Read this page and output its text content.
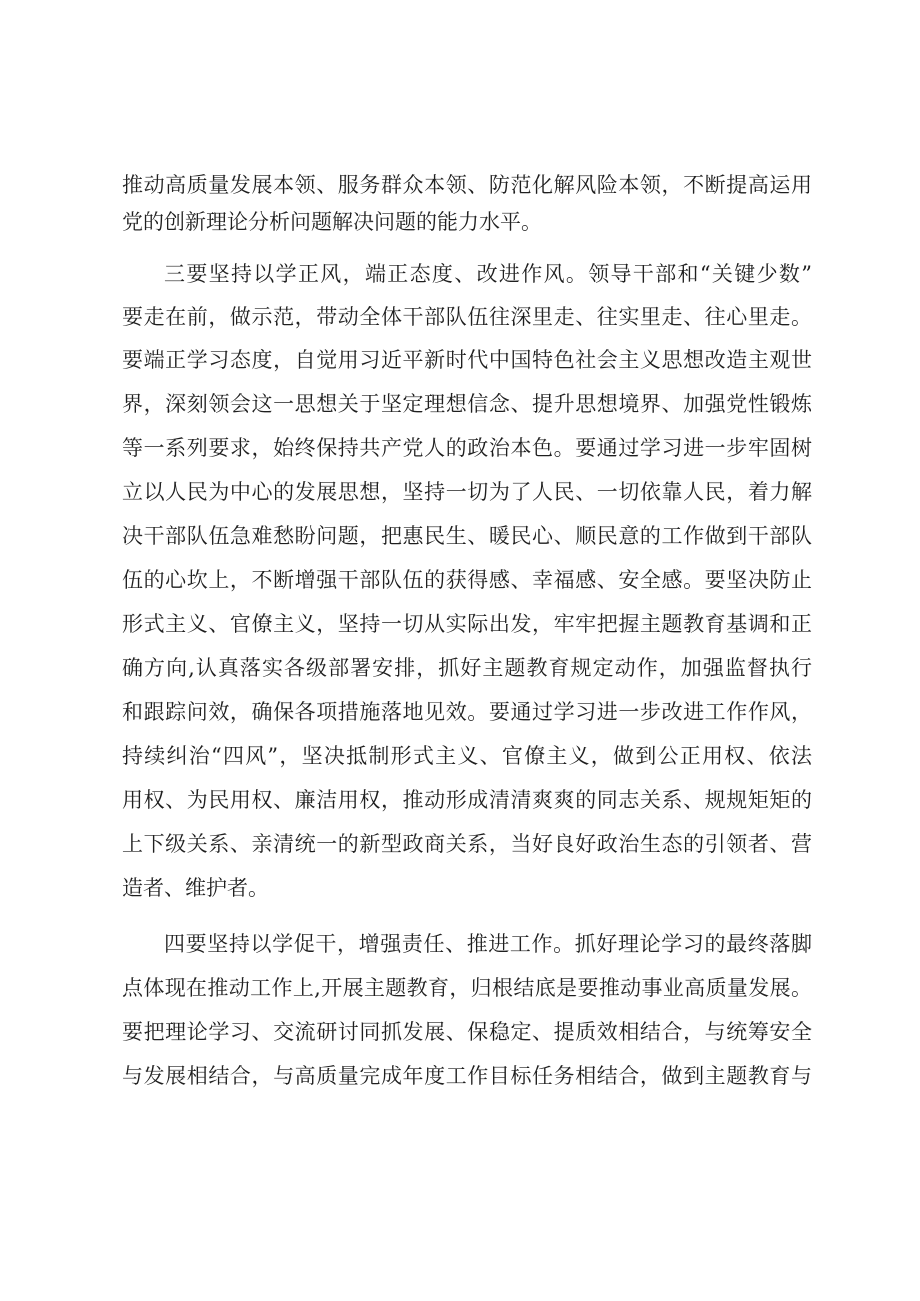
推动高质量发展本领、服务群众本领、防范化解风险本领，不断提高运用
党的创新理论分析问题解决问题的能力水平。
三要坚持以学正风，端正态度、改进作风。领导干部和“关键少数”
要走在前，做示范，带动全体干部队伍往深里走、往实里走、往心里走。
要端正学习态度，自觉用习近平新时代中国特色社会主义思想改造主观世
界，深刻领会这一思想关于坚定理想信念、提升思想境界、加强党性锻炼
等一系列要求，始终保持共产党人的政治本色。要通过学习进一步牢固树
立以人民为中心的发展思想，坚持一切为了人民、一切依靠人民，着力解
决干部队伍急难愁盼问题，把惠民生、暖民心、顺民意的工作做到干部队
伍的心坎上，不断增强干部队伍的获得感、幸福感、安全感。要坚决防止
形式主义、官僚主义，坚持一切从实际出发，牢牢把握主题教育基调和正
确方向,认真落实各级部署安排，抓好主题教育规定动作，加强监督执行
和跟踪问效，确保各项措施落地见效。要通过学习进一步改进工作作风，
持续纠治“四风”，坚决抵制形式主义、官僚主义，做到公正用权、依法
用权、为民用权、廉洁用权，推动形成清清爽爽的同志关系、规规矩矩的
上下级关系、亲清统一的新型政商关系，当好良好政治生态的引领者、营
造者、维护者。
四要坚持以学促干，增强责任、推进工作。抓好理论学习的最终落脚
点体现在推动工作上,开展主题教育，归根结底是要推动事业高质量发展。
要把理论学习、交流研讨同抓发展、保稳定、提质效相结合，与统筹安全
与发展相结合，与高质量完成年度工作目标任务相结合，做到主题教育与
